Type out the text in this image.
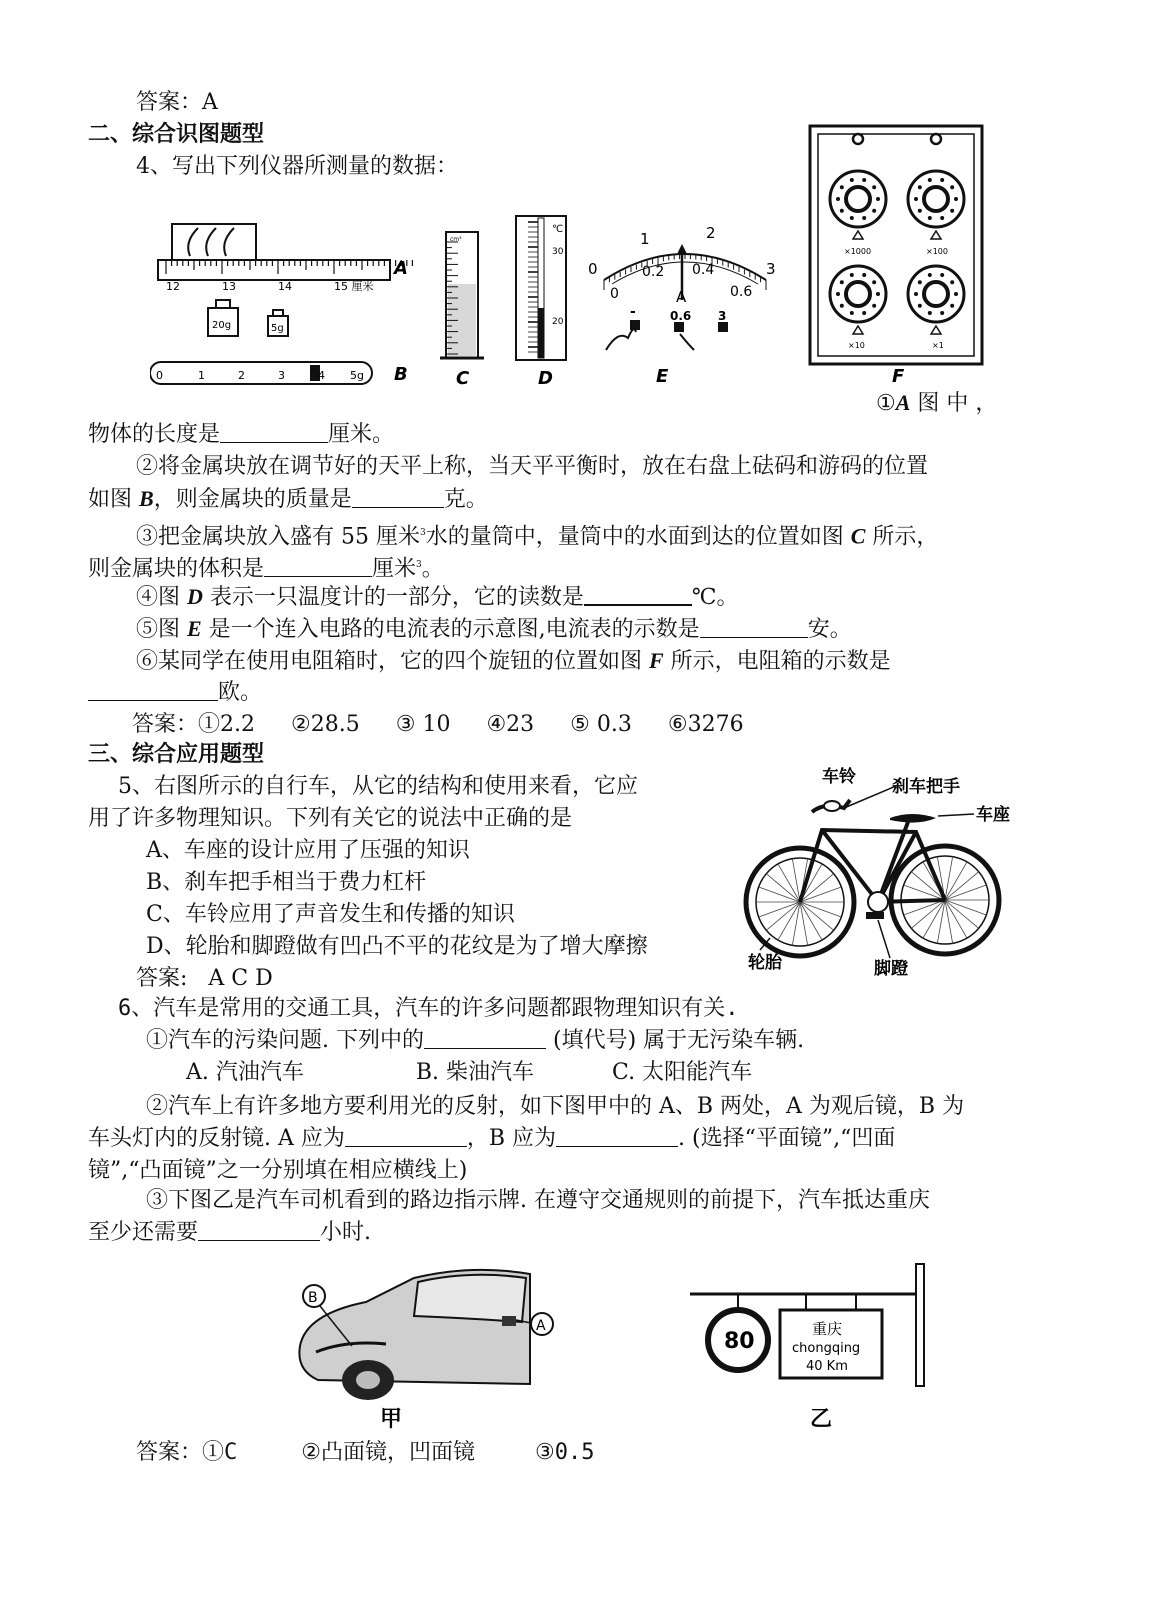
答案：A
二、综合识图题型
4、写出下列仪器所测量的数据：
12	13	14	15 厘米
A
20g	5g
0	1	2	3	4 5g B
cm³
C
℃
30
20
D
0
1	2
3
0
0.2 0.4
0.6
A
-	0.6 3
E
×1000	×100
×10	×1
F
①A 图 中 ，
物体的长度是	厘米。
②将金属块放在调节好的天平上称，当天平平衡时，放在右盘上砝码和游码的位置
如图 B，则金属块的质量是	克。
③把金属块放入盛有 55 厘米$^3$水的量筒中，量筒中的水面到达的位置如图 C 所示，
则金属块的体积是	厘米$^3$。
④图 D 表示一只温度计的一部分，它的读数是	℃。
⑤图 E 是一个连入电路的电流表的示意图,电流表的示数是	安。
⑥某同学在使用电阻箱时，它的四个旋钮的位置如图 F 所示，电阻箱的示数是
欧。
答案：①2.2 ②28.5 ③ 10 ④23 ⑤ 0.3 ⑥3276
三、综合应用题型
5、右图所示的自行车，从它的结构和使用来看，它应
用了许多物理知识。下列有关它的说法中正确的是
A、车座的设计应用了压强的知识
B、刹车把手相当于费力杠杆
C、车铃应用了声音发生和传播的知识
D、轮胎和脚蹬做有凹凸不平的花纹是为了增大摩擦
答案:   A C D
车铃 刹车把手
车座
轮胎	脚蹬
6、汽车是常用的交通工具，汽车的许多问题都跟物理知识有关.
①汽车的污染问题. 下列中的	(填代号) 属于无污染车辆.
A. 汽油汽车	B. 柴油汽车	C. 太阳能汽车
②汽车上有许多地方要利用光的反射，如下图甲中的 A、B 两处，A 为观后镜，B 为
车头灯内的反射镜. A 应为	，B 应为	. (选择“平面镜”,“凹面
镜”,“凸面镜”之一分别填在相应横线上)
③下图乙是汽车司机看到的路边指示牌. 在遵守交通规则的前提下，汽车抵达重庆
至少还需要	小时.
B
A
甲
80	重庆
chongqing
40 Km
乙
答案：①C	②凸面镜，凹面镜	③0.5
